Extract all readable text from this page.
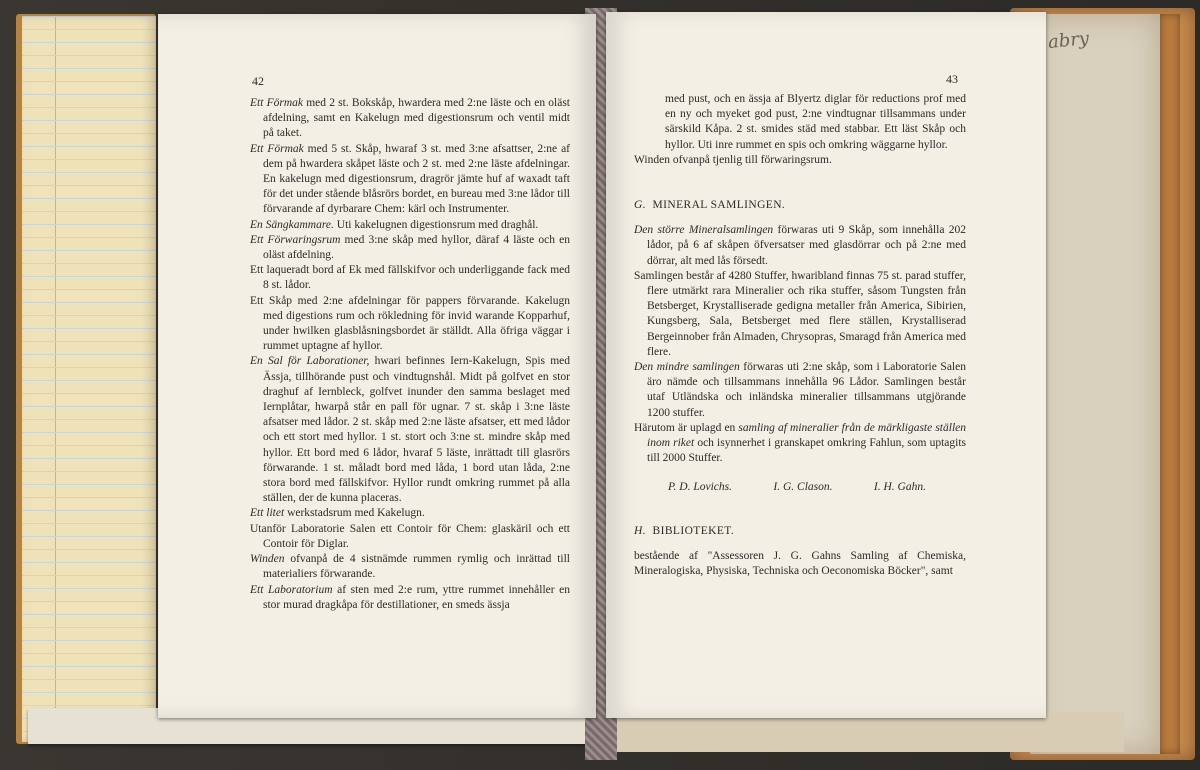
abry
42

Ett Förmak med 2 st. Bokskåp, hwardera med 2:ne läste och en oläst afdelning, samt en Kakelugn med digestionsrum och ventil midt på taket.

Ett Förmak med 5 st. Skåp, hwaraf 3 st. med 3:ne afsattser, 2:ne af dem på hwardera skåpet läste och 2 st. med 2:ne läste afdelningar. En kakelugn med digestionsrum, dragrör jämte huf af waxadt taft för det under stående blåsrörs bordet, en bureau med 3:ne lådor till förvarande af dyrbarare Chem: kärl och Instrumenter.

En Sängkammare. Uti kakelugnen digestionsrum med draghål.

Ett Förwaringsrum med 3:ne skåp med hyllor, däraf 4 läste och en oläst afdelning.

Ett laqueradt bord af Ek med fällskifvor och underliggande fack med 8 st. lådor.

Ett Skåp med 2:ne afdelningar för pappers förvarande. Kakelugn med digestions rum och rökledning för invid warande Kopparhuf, under hwilken glasblåsningsbordet är ställdt. Alla öfriga väggar i rummet uptagne af hyllor.

En Sal för Laborationer, hwari befinnes Iern-Kakelugn, Spis med Ässja, tillhörande pust och vindtugnshål. Midt på golfvet en stor draghuf af Iernbleck, golfvet inunder den samma beslaget med Iernplåtar, hwarpå står en pall för ugnar. 7 st. skåp i 3:ne läste afsatser med lådor. 2 st. skåp med 2:ne läste afsatser, ett med lådor och ett stort med hyllor. 1 st. stort och 3:ne st. mindre skåp med hyllor. Ett bord med 6 lådor, hvaraf 5 läste, inrättadt till glasrörs förwarande. 1 st. måladt bord med låda, 1 bord utan låda, 2:ne stora bord med fällskifvor. Hyllor rundt omkring rummet på alla ställen, der de kunna placeras.

Ett litet werkstadsrum med Kakelugn.

Utanför Laboratorie Salen ett Contoir för Chem: glaskäril och ett Contoir för Diglar.

Winden ofvanpå de 4 sistnämde rummen rymlig och inrättad till materialiers förwarande.

Ett Laboratorium af sten med 2:e rum, yttre rummet innehåller en stor murad dragkåpa för destillationer, en smeds ässja

43

med pust, och en ässja af Blyertz diglar för reductions prof med en ny och myeket god pust, 2:ne vindtugnar tillsammans under särskild Kåpa. 2 st. smides städ med stabbar. Ett läst Skåp och hyllor. Uti inre rummet en spis och omkring wäggarne hyllor.

Winden ofvanpå tjenlig till förwaringsrum.

G. MINERAL SAMLINGEN.

Den större Mineralsamlingen förwaras uti 9 Skåp, som innehålla 202 lådor, på 6 af skåpen öfversatser med glasdörrar och på 2:ne med dörrar, alt med lås försedt.

Samlingen består af 4280 Stuffer, hwaribland finnas 75 st. parad stuffer, flere utmärkt rara Mineralier och rika stuffer, såsom Tungsten från Betsberget, Krystalliserade gedigna metaller från America, Sibirien, Kungsberg, Sala, Betsberget med flere ställen, Krystalliserad Bergeinnober från Almaden, Chrysopras, Smaragd från America med flere.

Den mindre samlingen förwaras uti 2:ne skåp, som i Laboratorie Salen äro nämde och tillsammans innehålla 96 Lådor. Samlingen består utaf Utländska och inländska mineralier tillsammans utgjörande 1200 stuffer.

Härutom är uplagd en samling af mineralier från de märkligaste ställen inom riket och isynnerhet i granskapet omkring Fahlun, som uptagits till 2000 Stuffer.

P. D. Lovichs.	I. G. Clason.	I. H. Gahn.

H. BIBLIOTEKET.

bestående af "Assessoren J. G. Gahns Samling af Chemiska, Mineralogiska, Physiska, Techniska och Oeconomiska Böcker", samt
